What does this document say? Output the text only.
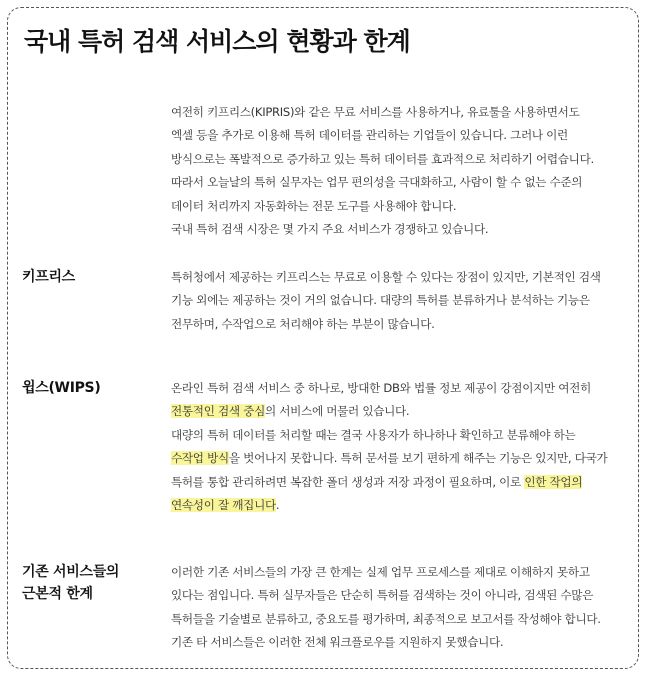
국내 특허 검색 서비스의 현황과 한계

여전히 키프리스(KIPRIS)와 같은 무료 서비스를 사용하거나, 유료툴을 사용하면서도
엑셀 등을 추가로 이용해 특허 데이터를 관리하는 기업들이 있습니다. 그러나 이런
방식으로는 폭발적으로 증가하고 있는 특허 데이터를 효과적으로 처리하기 어렵습니다.
따라서 오늘날의 특허 실무자는 업무 편의성을 극대화하고, 사람이 할 수 없는 수준의
데이터 처리까지 자동화하는 전문 도구를 사용해야 합니다.
국내 특허 검색 시장은 몇 가지 주요 서비스가 경쟁하고 있습니다.

키프리스	특허청에서 제공하는 키프리스는 무료로 이용할 수 있다는 장점이 있지만, 기본적인 검색
기능 외에는 제공하는 것이 거의 없습니다. 대량의 특허를 분류하거나 분석하는 기능은
전무하며, 수작업으로 처리해야 하는 부분이 많습니다.

윕스(WIPS)	온라인 특허 검색 서비스 중 하나로, 방대한 DB와 법률 정보 제공이 강점이지만 여전히
전통적인 검색 중심의 서비스에 머물러 있습니다.
대량의 특허 데이터를 처리할 때는 결국 사용자가 하나하나 확인하고 분류해야 하는
수작업 방식을 벗어나지 못합니다. 특허 문서를 보기 편하게 해주는 기능은 있지만, 다국가
특허를 통합 관리하려면 복잡한 폴더 생성과 저장 과정이 필요하며, 이로 인한 작업의
연속성이 잘 깨집니다.

기존 서비스들의
근본적 한계

이러한 기존 서비스들의 가장 큰 한계는 실제 업무 프로세스를 제대로 이해하지 못하고
있다는 점입니다. 특허 실무자들은 단순히 특허를 검색하는 것이 아니라, 검색된 수많은
특허들을 기술별로 분류하고, 중요도를 평가하며, 최종적으로 보고서를 작성해야 합니다.
기존 타 서비스들은 이러한 전체 워크플로우를 지원하지 못했습니다.
